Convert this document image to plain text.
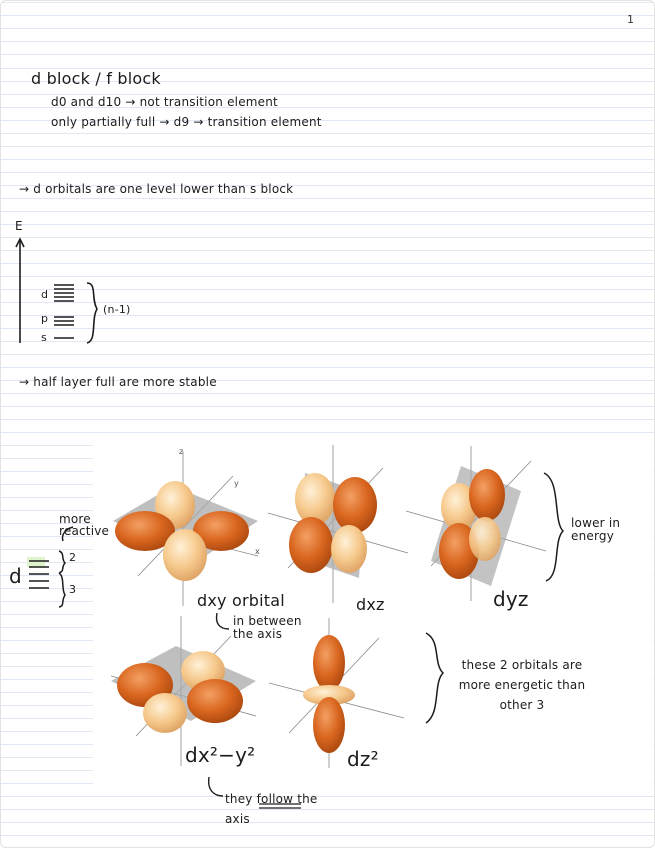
1
d block / f block
d0 and d10 → not transition element
only partially full → d9 → transition element
→ d orbitals are one level lower than s block
E
d
p
s
(n-1)
→ half layer full are more stable
z
y
x
dxy orbital	dxz	dyz
dx²−y²	dz²
more reactive
d
2
3
lower in energy
in between the axis
these 2 orbitals are more energetic than other 3
they follow the axis
